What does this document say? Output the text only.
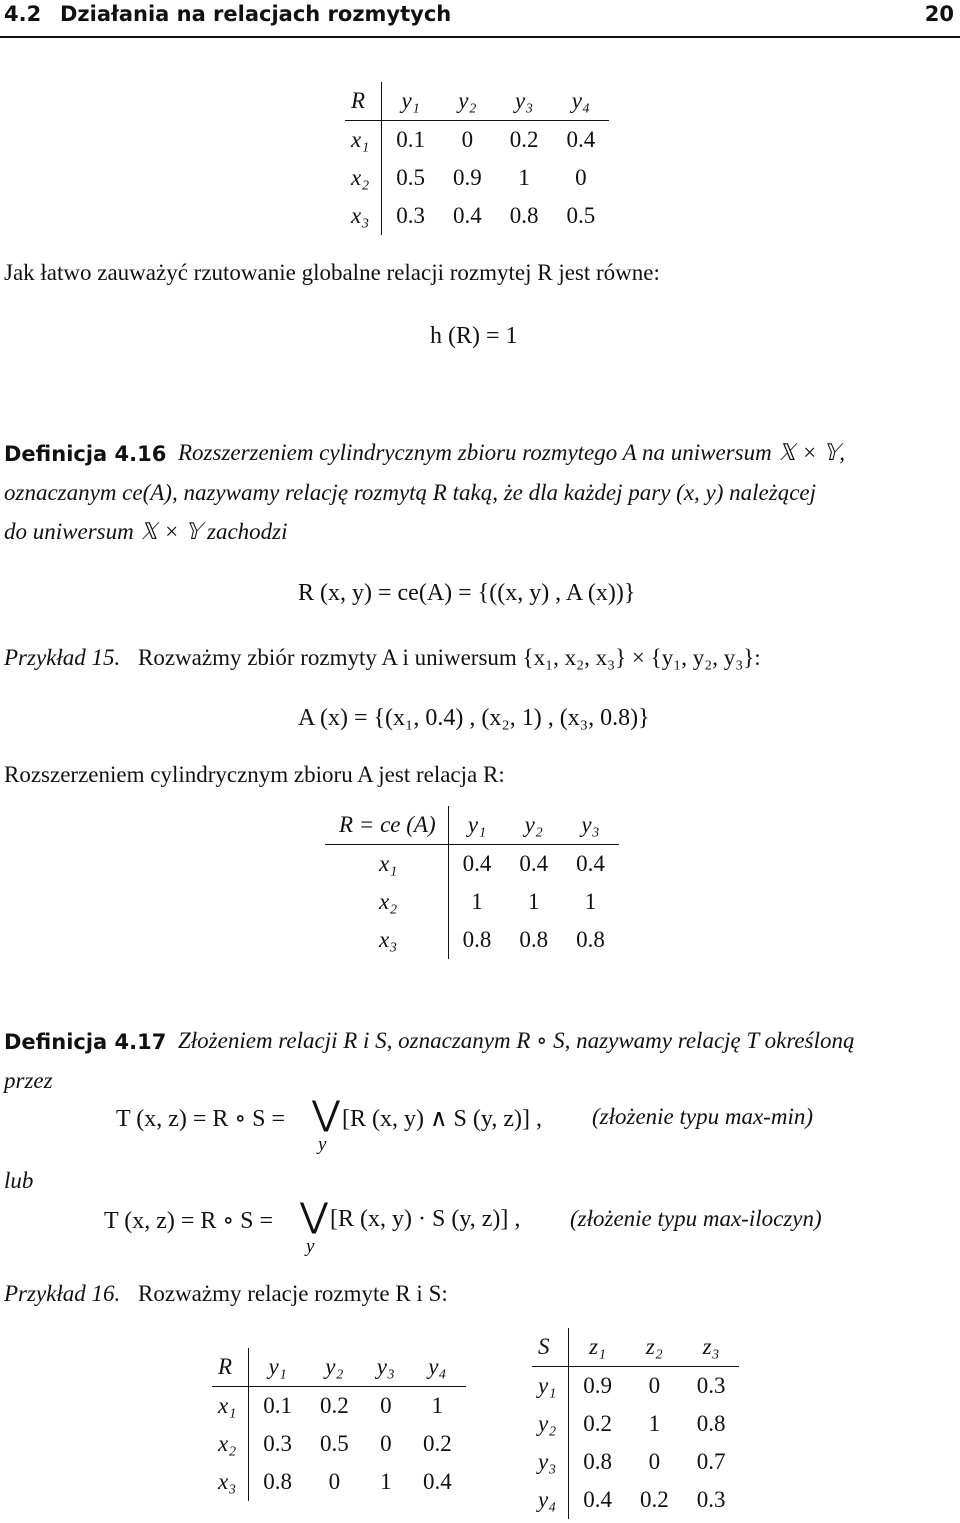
4.2 Działania na relacjach rozmytych	20
R	y₁	y₂	y₃	y₄
x₁	0.1	0	0.2	0.4
x₂	0.5	0.9	1	0
x₃	0.3	0.4	0.8	0.5
Jak łatwo zauważyć rzutowanie globalne relacji rozmytej R jest równe:
h (R) = 1
Definicja 4.16 Rozszerzeniem cylindrycznym zbioru rozmytego A na uniwersum 𝕏 × 𝕐,
oznaczanym ce(A), nazywamy relację rozmytą R taką, że dla każdej pary (x, y) należącej
do uniwersum 𝕏 × 𝕐 zachodzi
R (x, y) = ce(A) = {((x, y) , A (x))}
Przykład 15. Rozważmy zbiór rozmyty A i uniwersum {x₁, x₂, x₃} × {y₁, y₂, y₃}:
A (x) = {(x₁, 0.4) , (x₂, 1) , (x₃, 0.8)}
Rozszerzeniem cylindrycznym zbioru A jest relacja R:
R = ce (A)	y₁	y₂	y₃
x₁	0.4	0.4	0.4
x₂	1	1	1
x₃	0.8	0.8	0.8
Definicja 4.17 Złożeniem relacji R i S, oznaczanym R ∘ S, nazywamy relację T określoną
przez
T (x, z) = R ∘ S = ⋁
y
[R (x, y) ∧ S (y, z)] , (złożenie typu max-min)
lub
T (x, z) = R ∘ S = ⋁
y
[R (x, y) · S (y, z)] , (złożenie typu max-iloczyn)
Przykład 16. Rozważmy relacje rozmyte R i S:
R	y₁	y₂	y₃	y₄
x₁	0.1	0.2	0	1
x₂	0.3	0.5	0	0.2
x₃	0.8	0	1	0.4
S	z₁	z₂	z₃
y₁	0.9	0	0.3
y₂	0.2	1	0.8
y₃	0.8	0	0.7
y₄	0.4	0.2	0.3
